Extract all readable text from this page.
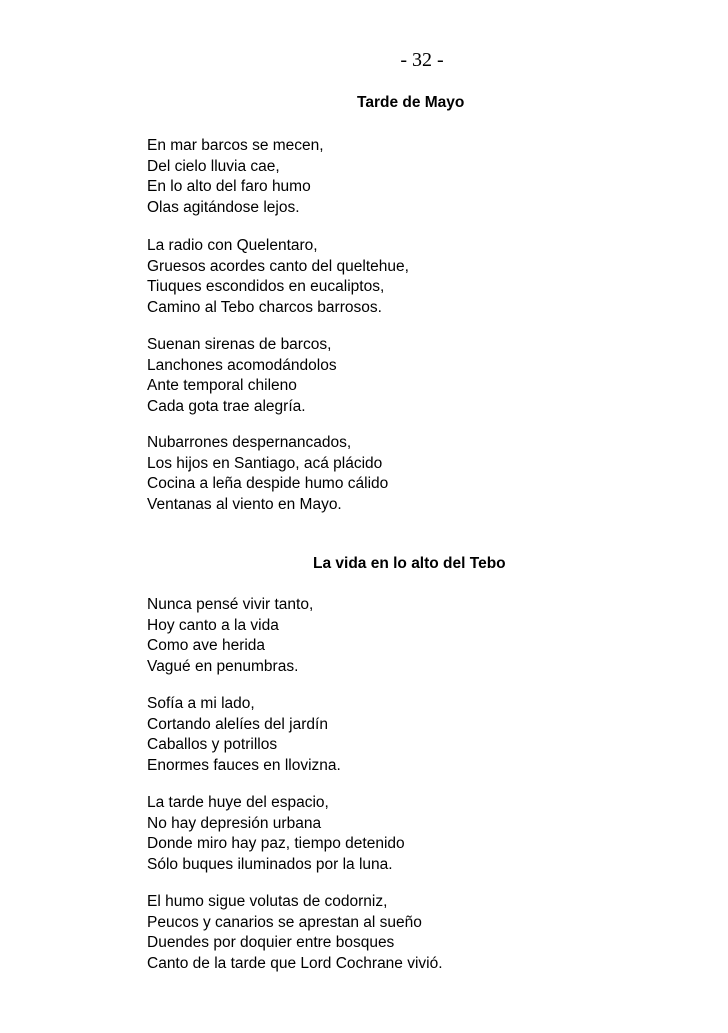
- 32 -
Tarde de Mayo
En mar barcos se mecen,
Del cielo lluvia cae,
En lo alto del faro humo
Olas agitándose lejos.
La radio con Quelentaro,
Gruesos acordes canto del queltehue,
Tiuques escondidos en eucaliptos,
Camino al Tebo charcos barrosos.
Suenan sirenas de barcos,
Lanchones acomodándolos
Ante temporal chileno
Cada gota trae alegría.
Nubarrones despernancados,
Los hijos en Santiago, acá plácido
Cocina a leña despide humo cálido
Ventanas al viento en Mayo.
La vida en lo alto del Tebo
Nunca pensé vivir tanto,
Hoy canto a la vida
Como ave herida
Vagué en penumbras.
Sofía a mi lado,
Cortando alelíes del jardín
Caballos y potrillos
Enormes fauces en llovizna.
La tarde huye del espacio,
No hay depresión urbana
Donde miro hay paz, tiempo detenido
Sólo buques iluminados por la luna.
El humo sigue volutas de codorniz,
Peucos y canarios se aprestan al sueño
Duendes por doquier entre bosques
Canto de la tarde que Lord Cochrane vivió.
